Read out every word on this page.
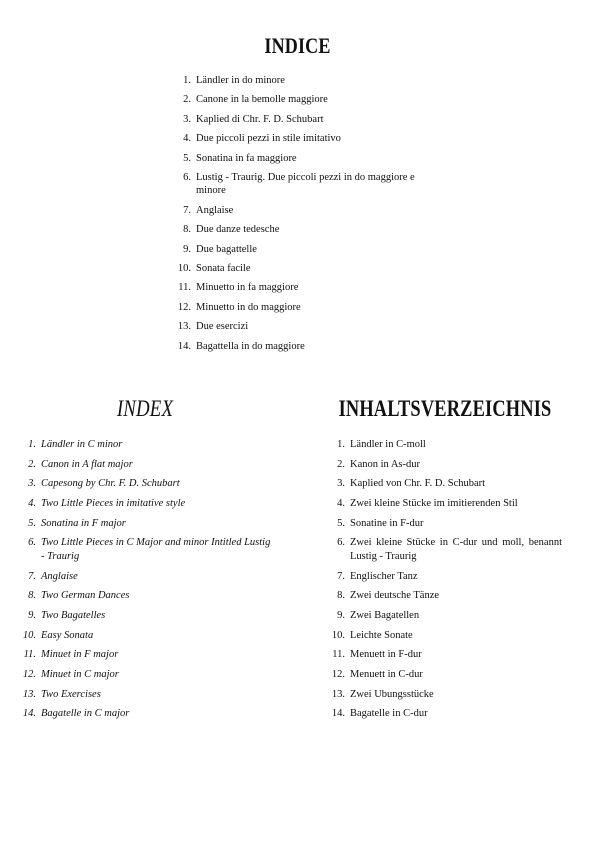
INDICE
1. Ländler in do minore
2. Canone in la bemolle maggiore
3. Kaplied di Chr. F. D. Schubart
4. Due piccoli pezzi in stile imitativo
5. Sonatina in fa maggiore
6. Lustig - Traurig. Due piccoli pezzi in do maggiore e minore
7. Anglaise
8. Due danze tedesche
9. Due bagattelle
10. Sonata facile
11. Minuetto in fa maggiore
12. Minuetto in do maggiore
13. Due esercizi
14. Bagattella in do maggiore
INDEX
1. Ländler in C minor
2. Canon in A flat major
3. Capesong by Chr. F. D. Schubart
4. Two Little Pieces in imitative style
5. Sonatina in F major
6. Two Little Pieces in C Major and minor Intitled Lustig - Traurig
7. Anglaise
8. Two German Dances
9. Two Bagatelles
10. Easy Sonata
11. Minuet in F major
12. Minuet in C major
13. Two Exercises
14. Bagatelle in C major
INHALTSVERZEICHNIS
1. Ländler in C-moll
2. Kanon in As-dur
3. Kaplied von Chr. F. D. Schubart
4. Zwei kleine Stücke im imitierenden Stil
5. Sonatine in F-dur
6. Zwei kleine Stücke in C-dur und moll, benannt Lustig - Traurig
7. Englischer Tanz
8. Zwei deutsche Tänze
9. Zwei Bagatellen
10. Leichte Sonate
11. Menuett in F-dur
12. Menuett in C-dur
13. Zwei Ubungsstücke
14. Bagatelle in C-dur
